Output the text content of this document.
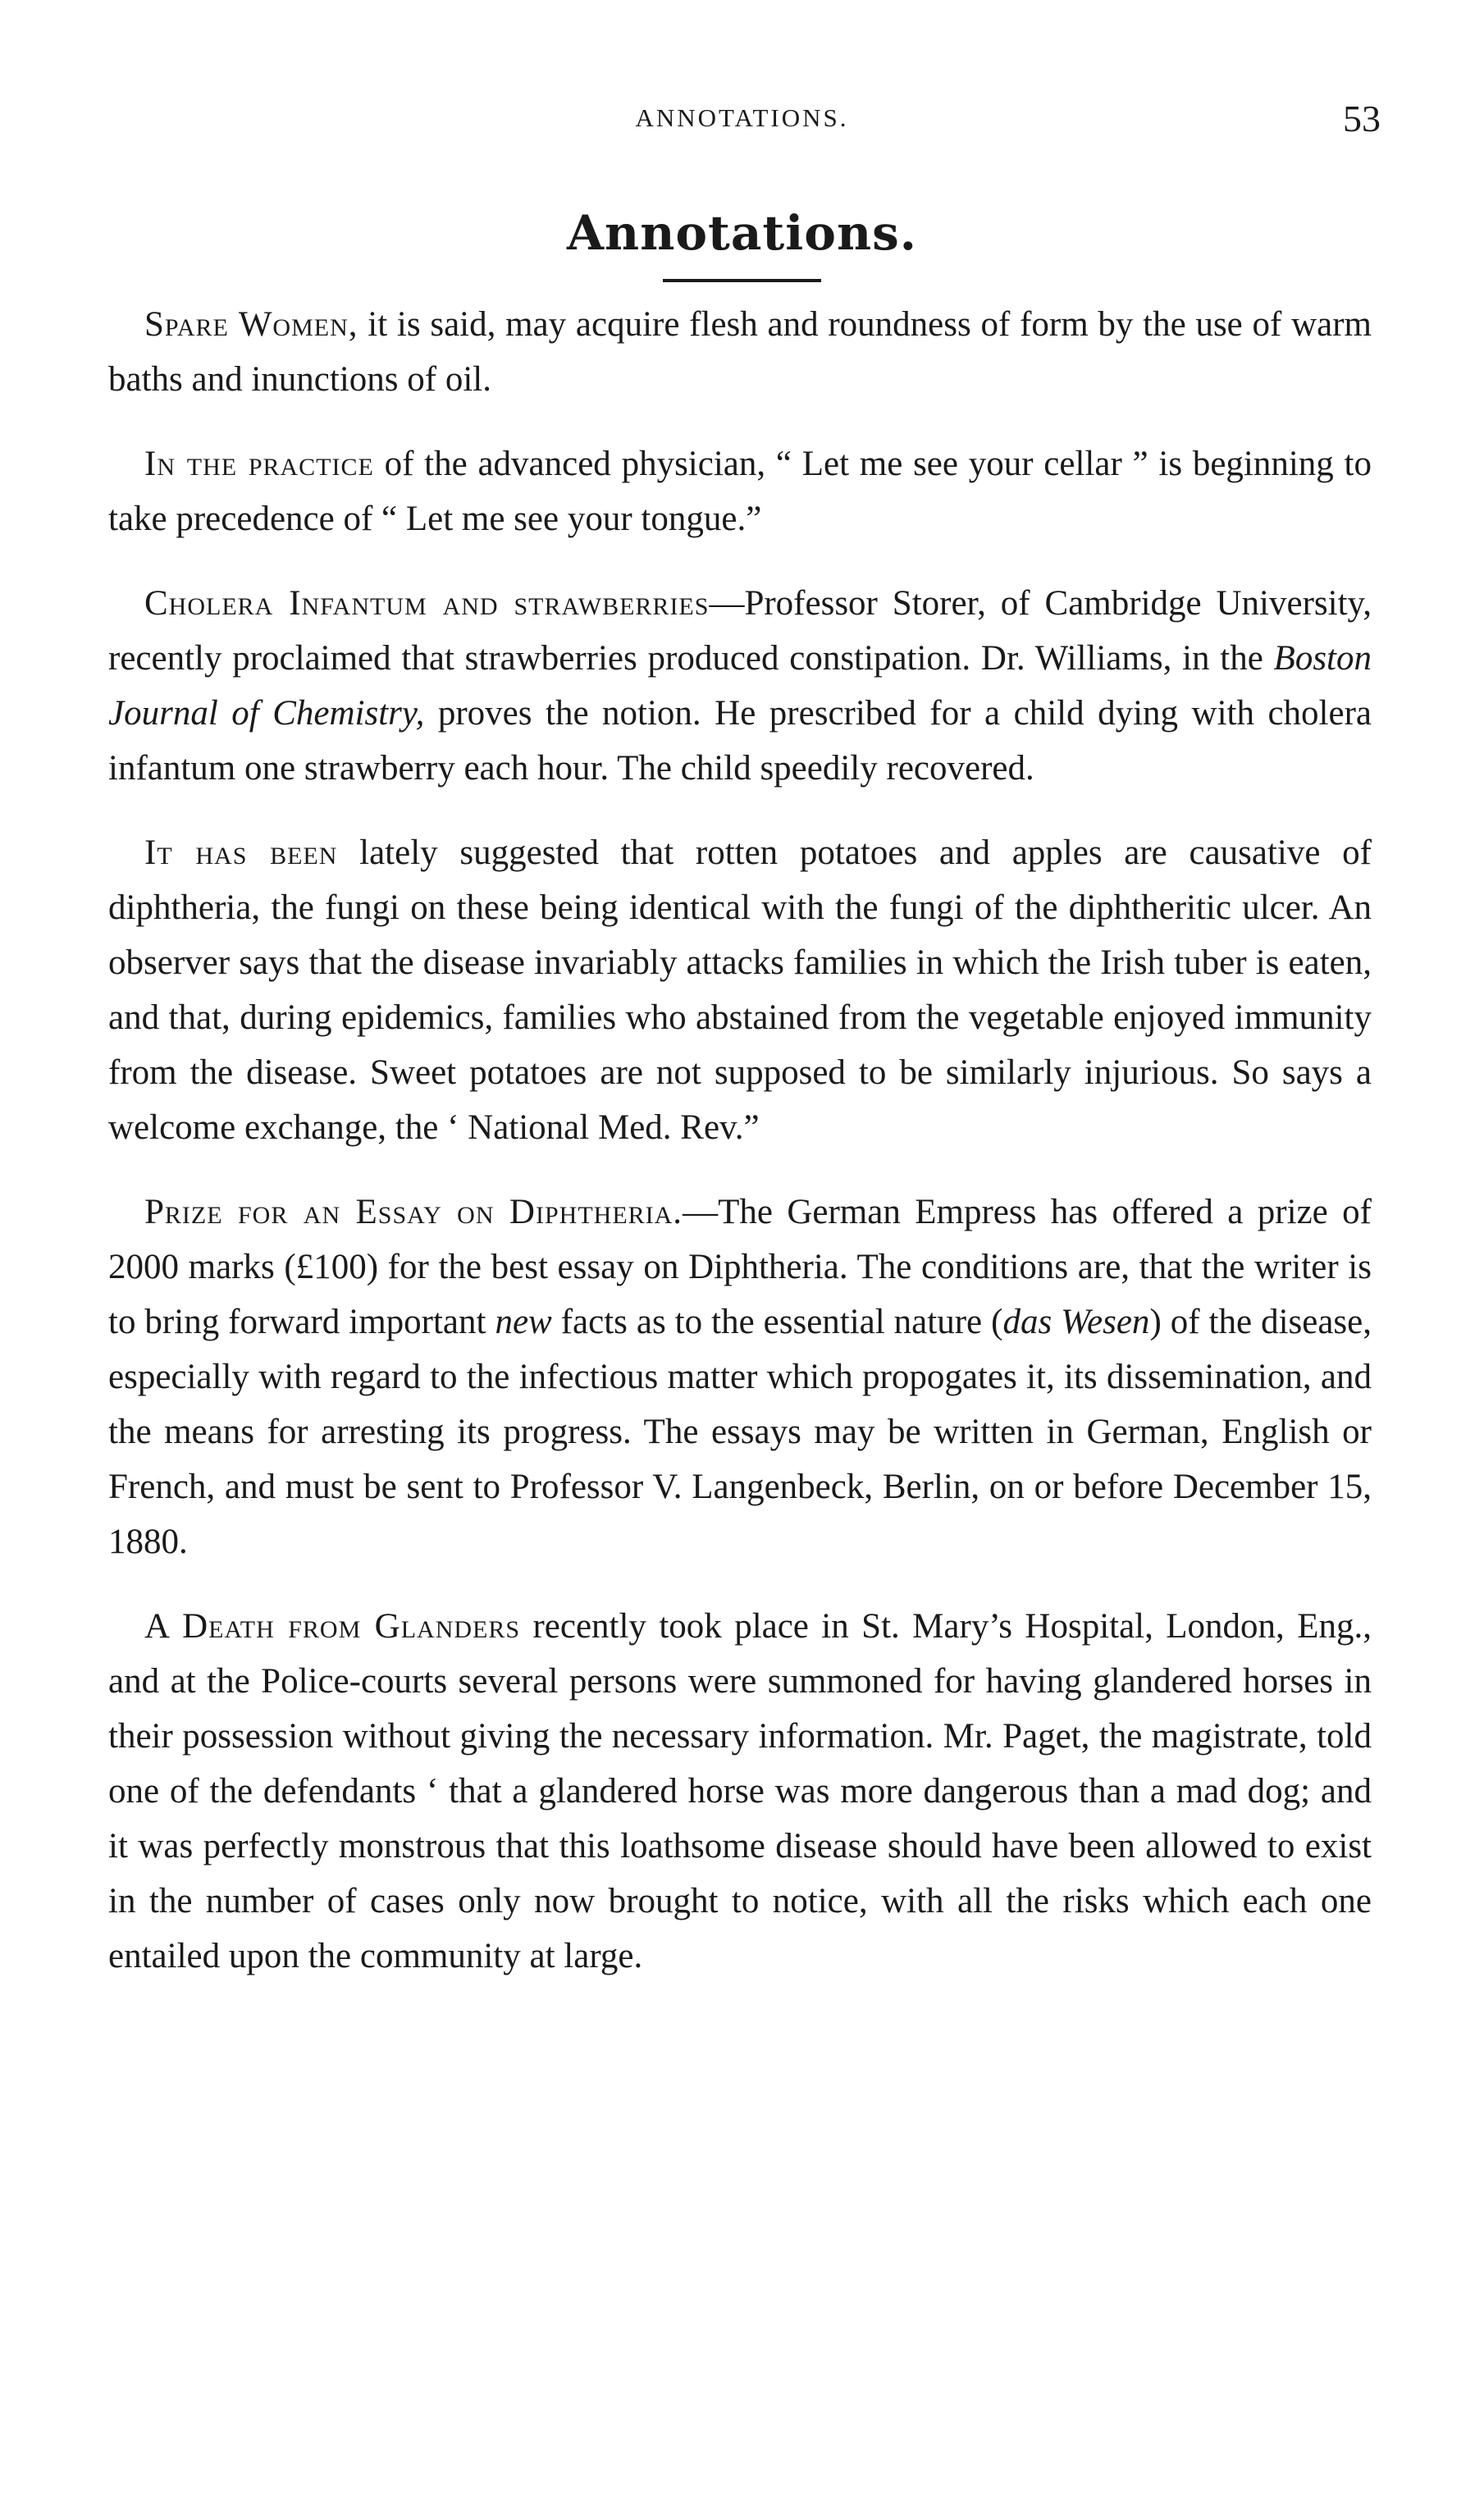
ANNOTATIONS.	53
Annotations.

Spare Women, it is said, may acquire flesh and roundness of form by the use of warm baths and inunctions of oil.

In the practice of the advanced physician, “ Let me see your cellar ” is beginning to take precedence of “ Let me see your tongue.”

Cholera Infantum and strawberries—Professor Storer, of Cambridge University, recently proclaimed that strawberries produced constipation. Dr. Williams, in the Boston Journal of Chemistry, proves the notion. He prescribed for a child dying with cholera infantum one strawberry each hour. The child speedily recovered.

It has been lately suggested that rotten potatoes and apples are causative of diphtheria, the fungi on these being identical with the fungi of the diphtheritic ulcer. An observer says that the disease invariably attacks families in which the Irish tuber is eaten, and that, during epidemics, families who abstained from the vegetable enjoyed immunity from the disease. Sweet potatoes are not supposed to be similarly injurious. So says a welcome exchange, the ‘ National Med. Rev.”

Prize for an Essay on Diphtheria.—The German Empress has offered a prize of 2000 marks (£100) for the best essay on Diphtheria. The conditions are, that the writer is to bring forward important new facts as to the essential nature (das Wesen) of the disease, especially with regard to the infectious matter which propogates it, its dissemination, and the means for arresting its progress. The essays may be written in German, English or French, and must be sent to Professor V. Langenbeck, Berlin, on or before December 15, 1880.

A Death from Glanders recently took place in St. Mary’s Hospital, London, Eng., and at the Police-courts several persons were summoned for having glandered horses in their possession without giving the necessary information. Mr. Paget, the magistrate, told one of the defendants ‘ that a glandered horse was more dangerous than a mad dog; and it was perfectly monstrous that this loathsome disease should have been allowed to exist in the number of cases only now brought to notice, with all the risks which each one entailed upon the community at large.
